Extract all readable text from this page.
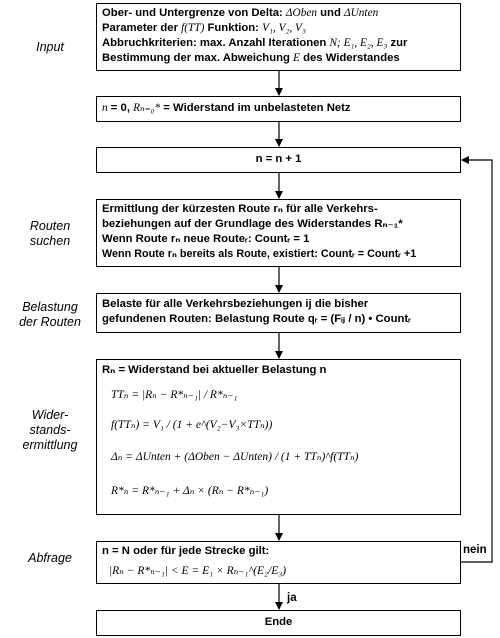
Input
Routen
suchen
Belastung
der Routen
Wider-
stands-
ermittlung
Abfrage
Ober- und Untergrenze von Delta: ΔOben und ΔUnten
Parameter der f(TT) Funktion: V₁, V₂, V₃
Abbruchkriterien: max. Anzahl Iterationen N; E₁, E₂, E₃ zur
Bestimmung der max. Abweichung E des Widerstandes
n = 0, Rₙ₌₀* = Widerstand im unbelasteten Netz
n = n + 1
Ermittlung der kürzesten Route rₙ für alle Verkehrs-
beziehungen auf der Grundlage des Widerstandes Rₙ₋₁*
Wenn Route rₙ neue Routeᵣ: Countᵣ = 1
Wenn Route rₙ bereits als Route, existiert: Countᵣ = Countᵣ +1
Belaste für alle Verkehrsbeziehungen ij die bisher
gefundenen Routen: Belastung Route qᵣ = (Fᵢⱼ / n) • Countᵣ
Rₙ = Widerstand bei aktueller Belastung n
TTₙ = |Rₙ − R*ₙ₋₁| / R*ₙ₋₁
f(TTₙ) = V₁ / (1 + e^(V₂−V₃×TTₙ))
Δₙ = ΔUnten + (ΔOben − ΔUnten) / (1 + TTₙ)^f(TTₙ)
R*ₙ = R*ₙ₋₁ + Δₙ × (Rₙ − R*ₙ₋₁)
n = N oder für jede Strecke gilt:
|Rₙ − R*ₙ₋₁| < E = E₁ × Rₙ₋₁^(E₂/E₃)
Ende
nein
ja
